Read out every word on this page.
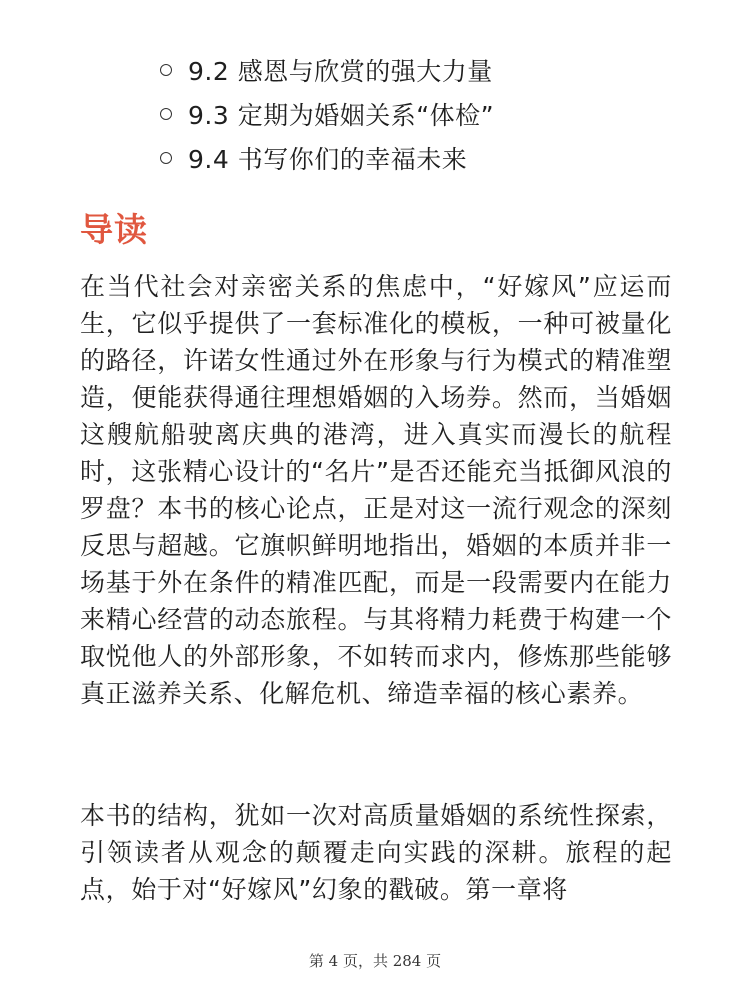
9.2 感恩与欣赏的强大力量
9.3 定期为婚姻关系“体检”
9.4 书写你们的幸福未来
导读

在当代社会对亲密关系的焦虑中，“好嫁风”应运而生，它似乎提供了一套标准化的模板，一种可被量化的路径，许诺女性通过外在形象与行为模式的精准塑造，便能获得通往理想婚姻的入场券。然而，当婚姻这艘航船驶离庆典的港湾，进入真实而漫长的航程时，这张精心设计的“名片”是否还能充当抵御风浪的罗盘？本书的核心论点，正是对这一流行观念的深刻反思与超越。它旗帜鲜明地指出，婚姻的本质并非一场基于外在条件的精准匹配，而是一段需要内在能力来精心经营的动态旅程。与其将精力耗费于构建一个取悦他人的外部形象，不如转而求内，修炼那些能够真正滋养关系、化解危机、缔造幸福的核心素养。

本书的结构，犹如一次对高质量婚姻的系统性探索，引领读者从观念的颠覆走向实践的深耕。旅程的起点，始于对“好嫁风”幻象的戳破。第一章将

第 4 页，共 284 页
